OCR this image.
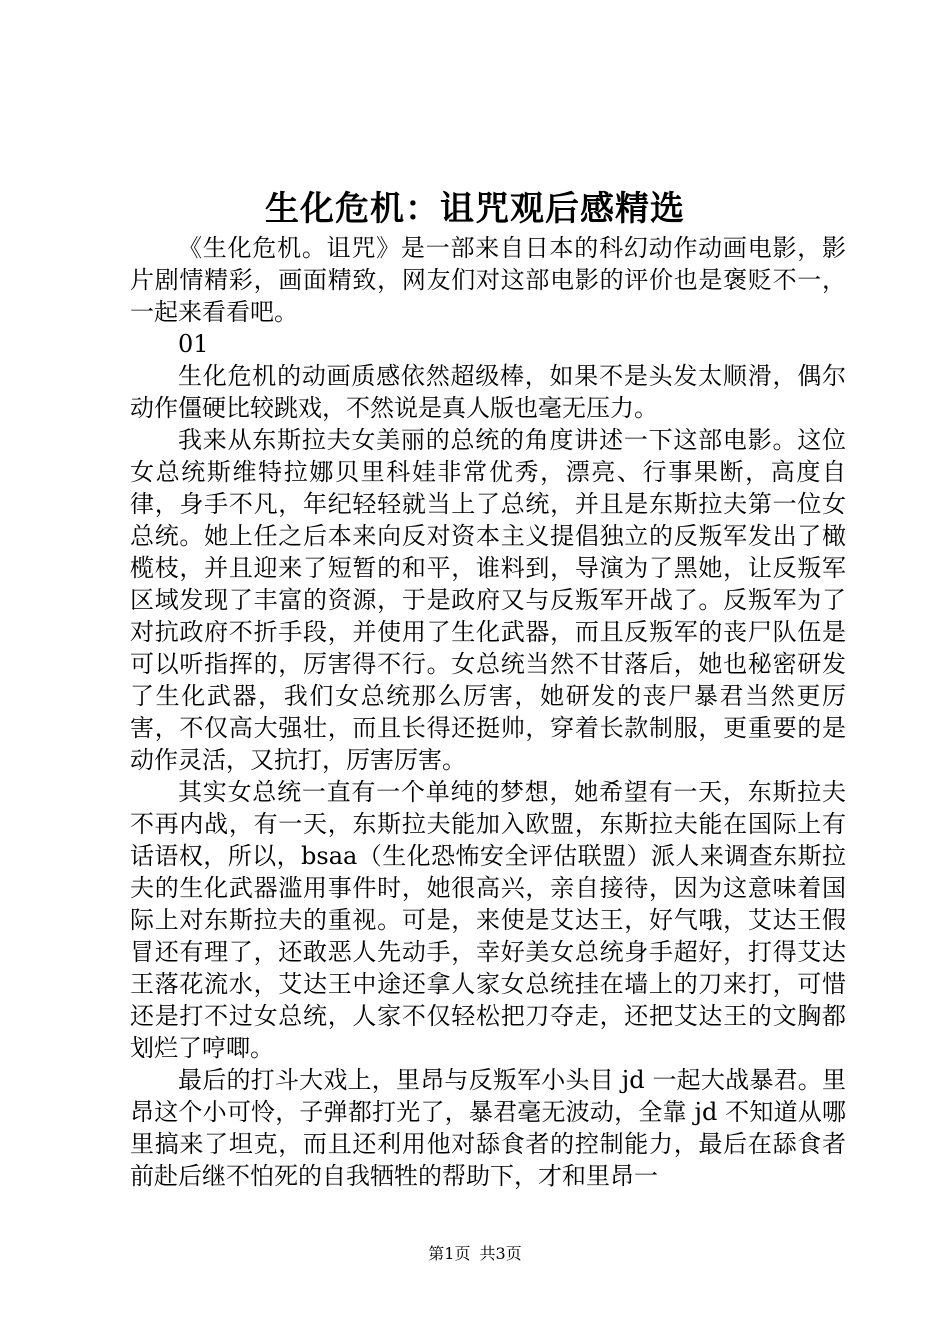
生化危机：诅咒观后感精选

《生化危机。诅咒》是一部来自日本的科幻动作动画电影，影片剧情精彩，画面精致，网友们对这部电影的评价也是褒贬不一，一起来看看吧。

01

生化危机的动画质感依然超级棒，如果不是头发太顺滑，偶尔动作僵硬比较跳戏，不然说是真人版也毫无压力。

我来从东斯拉夫女美丽的总统的角度讲述一下这部电影。这位女总统斯维特拉娜贝里科娃非常优秀，漂亮、行事果断，高度自律，身手不凡，年纪轻轻就当上了总统，并且是东斯拉夫第一位女总统。她上任之后本来向反对资本主义提倡独立的反叛军发出了橄榄枝，并且迎来了短暂的和平，谁料到，导演为了黑她，让反叛军区域发现了丰富的资源，于是政府又与反叛军开战了。反叛军为了对抗政府不折手段，并使用了生化武器，而且反叛军的丧尸队伍是可以听指挥的，厉害得不行。女总统当然不甘落后，她也秘密研发了生化武器，我们女总统那么厉害，她研发的丧尸暴君当然更厉害，不仅高大强壮，而且长得还挺帅，穿着长款制服，更重要的是动作灵活，又抗打，厉害厉害。

其实女总统一直有一个单纯的梦想，她希望有一天，东斯拉夫不再内战，有一天，东斯拉夫能加入欧盟，东斯拉夫能在国际上有话语权，所以，bsaa（生化恐怖安全评估联盟）派人来调查东斯拉夫的生化武器滥用事件时，她很高兴，亲自接待，因为这意味着国际上对东斯拉夫的重视。可是，来使是艾达王，好气哦，艾达王假冒还有理了，还敢恶人先动手，幸好美女总统身手超好，打得艾达王落花流水，艾达王中途还拿人家女总统挂在墙上的刀来打，可惜还是打不过女总统，人家不仅轻松把刀夺走，还把艾达王的文胸都划烂了哼唧。

最后的打斗大戏上，里昂与反叛军小头目 jd 一起大战暴君。里昂这个小可怜，子弹都打光了，暴君毫无波动，全靠 jd 不知道从哪里搞来了坦克，而且还利用他对舔食者的控制能力，最后在舔食者前赴后继不怕死的自我牺牲的帮助下，才和里昂一

第1页 共3页
